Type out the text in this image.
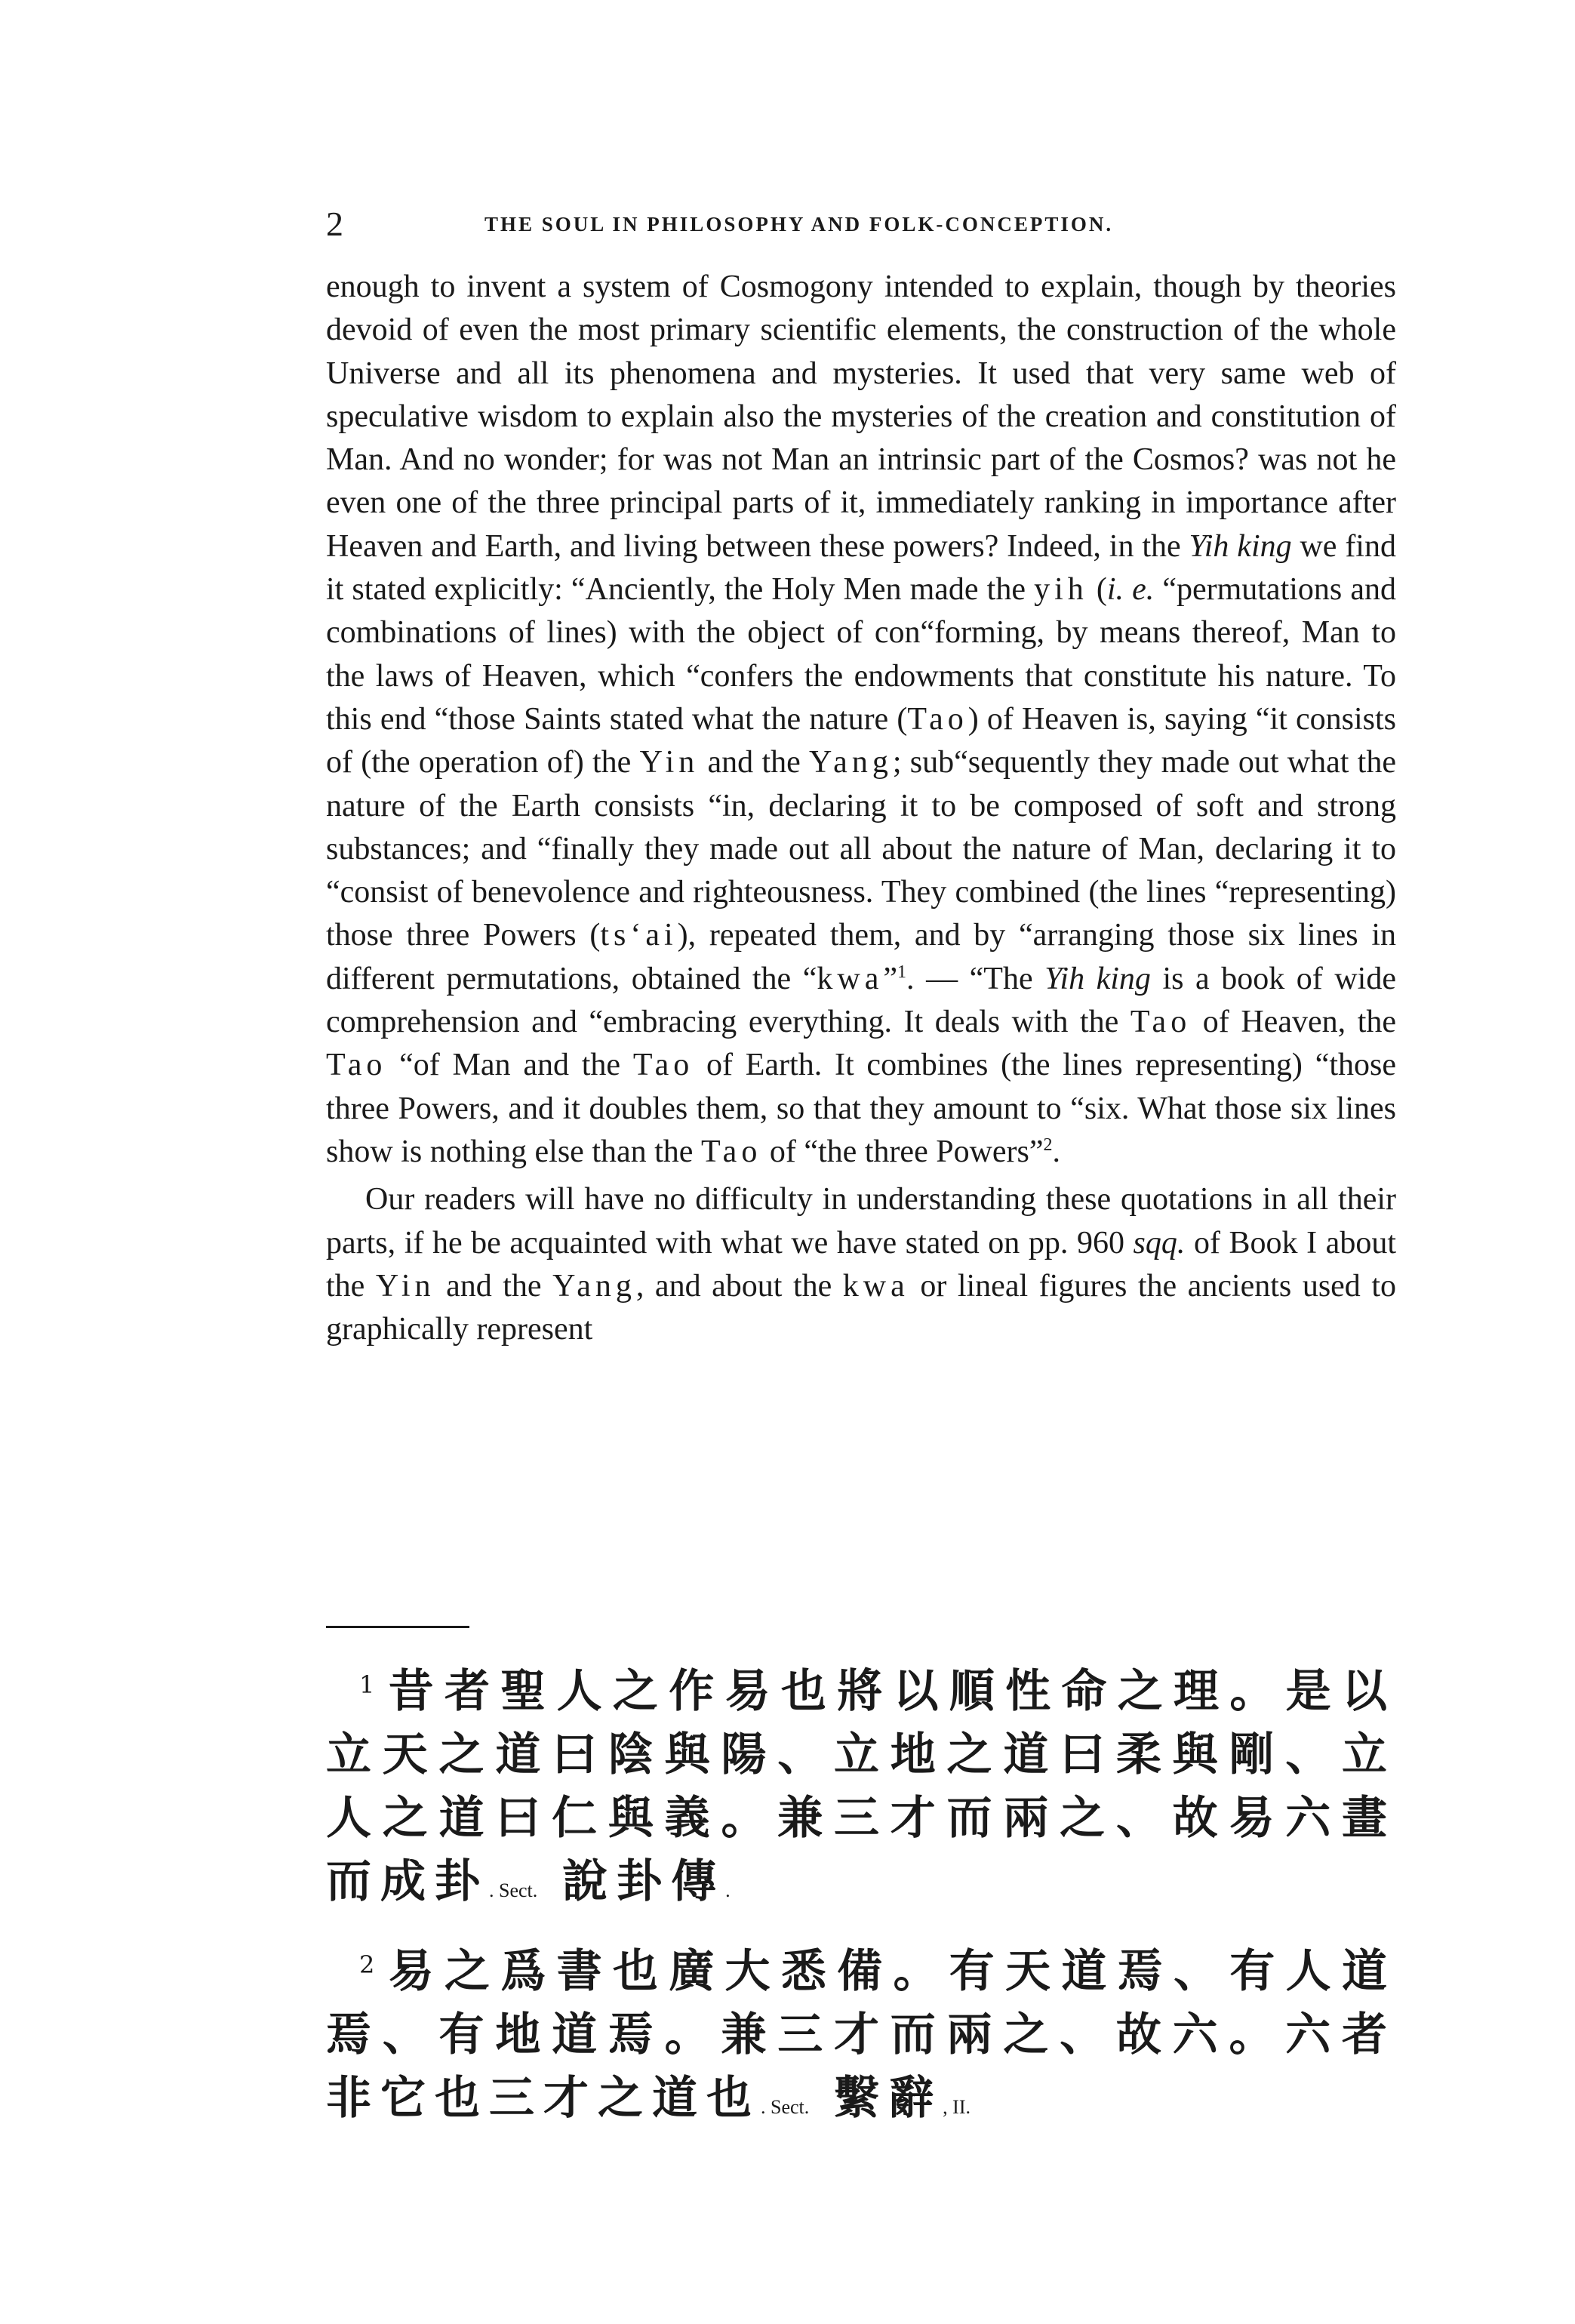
2	THE SOUL IN PHILOSOPHY AND FOLK-CONCEPTION.

enough to invent a system of Cosmogony intended to explain, though by theories devoid of even the most primary scientific elements, the construction of the whole Universe and all its phenomena and mysteries. It used that very same web of speculative wisdom to explain also the mysteries of the creation and constitution of Man. And no wonder; for was not Man an intrinsic part of the Cosmos? was not he even one of the three principal parts of it, immediately ranking in importance after Heaven and Earth, and living between these powers? Indeed, in the Yih king we find it stated explicitly: “Anciently, the Holy Men made the yih (i. e. “permutations and combinations of lines) with the object of con“forming, by means thereof, Man to the laws of Heaven, which “confers the endowments that constitute his nature. To this end “those Saints stated what the nature (Tao) of Heaven is, saying “it consists of (the operation of) the Yin and the Yang; sub“sequently they made out what the nature of the Earth consists “in, declaring it to be composed of soft and strong substances; and “finally they made out all about the nature of Man, declaring it to “consist of benevolence and righteousness. They combined (the lines “representing) those three Powers (ts‘ai), repeated them, and by “arranging those six lines in different permutations, obtained the “kwa”$^1$. — “The Yih king is a book of wide comprehension and “embracing everything. It deals with the Tao of Heaven, the Tao “of Man and the Tao of Earth. It combines (the lines representing) “those three Powers, and it doubles them, so that they amount to “six. What those six lines show is nothing else than the Tao of “the three Powers”$^2$.

Our readers will have no difficulty in understanding these quotations in all their parts, if he be acquainted with what we have stated on pp. 960 sqq. of Book I about the Yin and the Yang, and about the kwa or lineal figures the ancients used to graphically represent

$^1$ 昔者聖人之作易也將以順性命之理。是以立天之道曰陰與陽、立地之道曰柔與剛、立人之道曰仁與義。兼三才而兩之、故易六畫而成卦. Sect. 說卦傳.

$^2$ 易之爲書也廣大悉備。有天道焉、有人道焉、有地道焉。兼三才而兩之、故六。六者非它也三才之道也. Sect. 繫辭, II.
